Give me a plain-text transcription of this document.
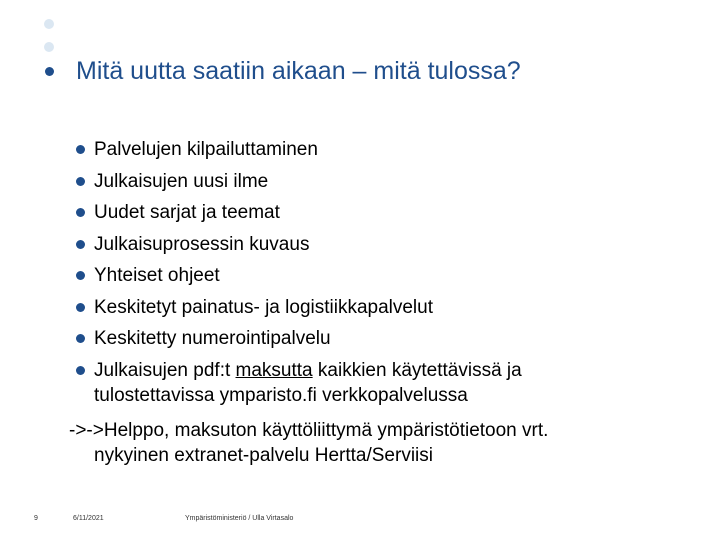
Mitä uutta saatiin aikaan – mitä tulossa?
Palvelujen kilpailuttaminen
Julkaisujen uusi ilme
Uudet sarjat ja teemat
Julkaisuprosessin kuvaus
Yhteiset ohjeet
Keskitetyt painatus- ja logistiikkapalvelut
Keskitetty numerointipalvelu
Julkaisujen pdf:t maksutta kaikkien käytettävissä ja
tulostettavissa ymparisto.fi verkkopalvelussa
->->Helppo, maksuton käyttöliittymä ympäristötietoon vrt.
nykyinen extranet-palvelu Hertta/Serviisi
9	6/11/2021	Ympäristöministeriö / Ulla Virtasalo
